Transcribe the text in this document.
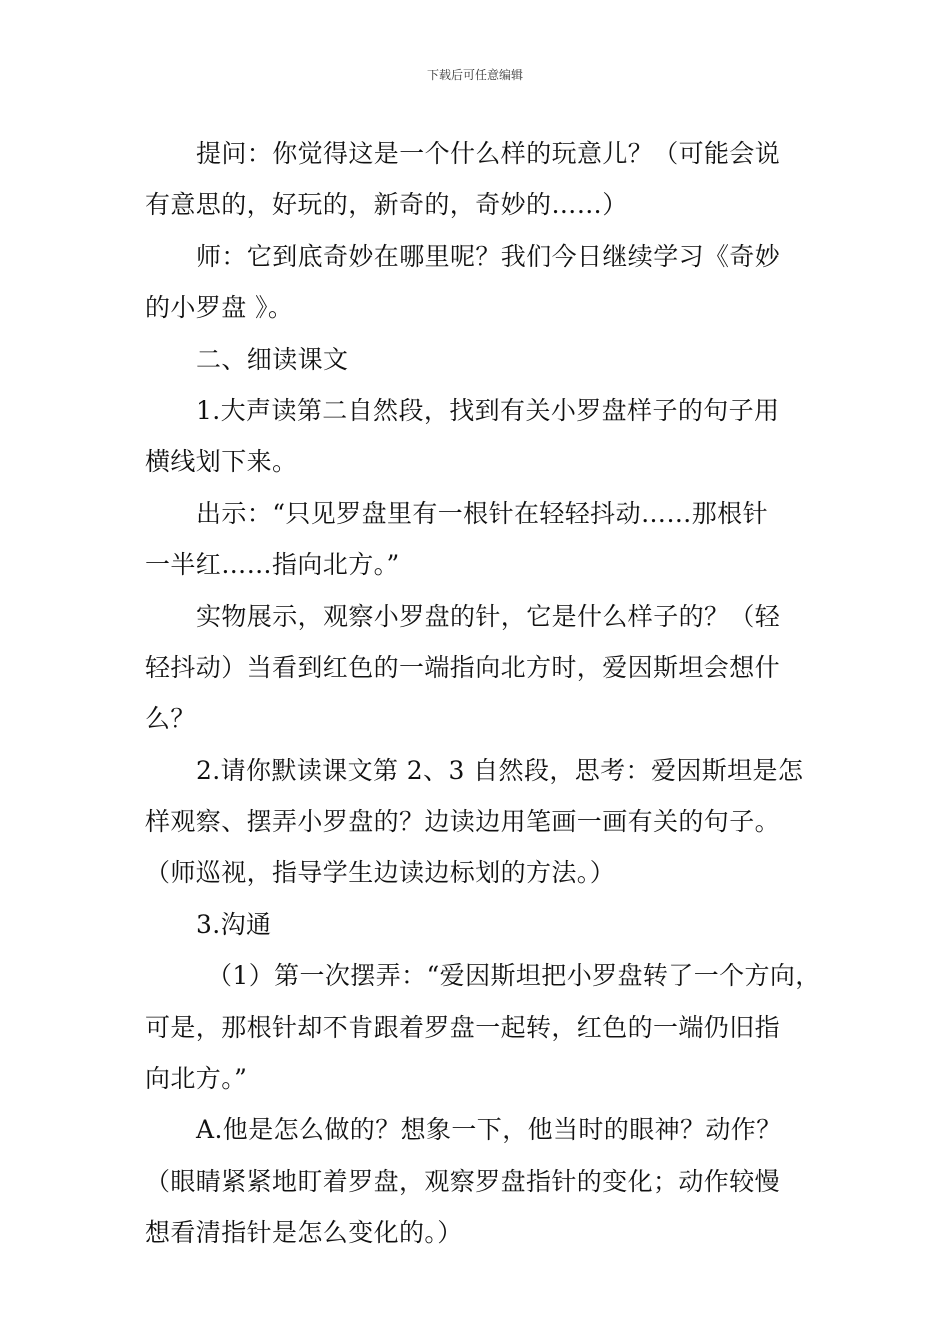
下载后可任意编辑
提问：你觉得这是一个什么样的玩意儿？（可能会说
有意思的，好玩的，新奇的，奇妙的……）
师：它到底奇妙在哪里呢？我们今日继续学习《奇妙
的小罗盘 》。
二、细读课文
1.大声读第二自然段，找到有关小罗盘样子的句子用
横线划下来。
出示：“只见罗盘里有一根针在轻轻抖动……那根针
一半红……指向北方。”
实物展示，观察小罗盘的针，它是什么样子的？（轻
轻抖动）当看到红色的一端指向北方时，爱因斯坦会想什
么？
2.请你默读课文第 2、3 自然段，思考：爱因斯坦是怎
样观察、摆弄小罗盘的？边读边用笔画一画有关的句子。
（师巡视，指导学生边读边标划的方法。）
3.沟通
（1）第一次摆弄：“爱因斯坦把小罗盘转了一个方向，
可是，那根针却不肯跟着罗盘一起转，红色的一端仍旧指
向北方。”
A.他是怎么做的？想象一下，他当时的眼神？动作？
（眼睛紧紧地盯着罗盘，观察罗盘指针的变化；动作较慢
想看清指针是怎么变化的。）
